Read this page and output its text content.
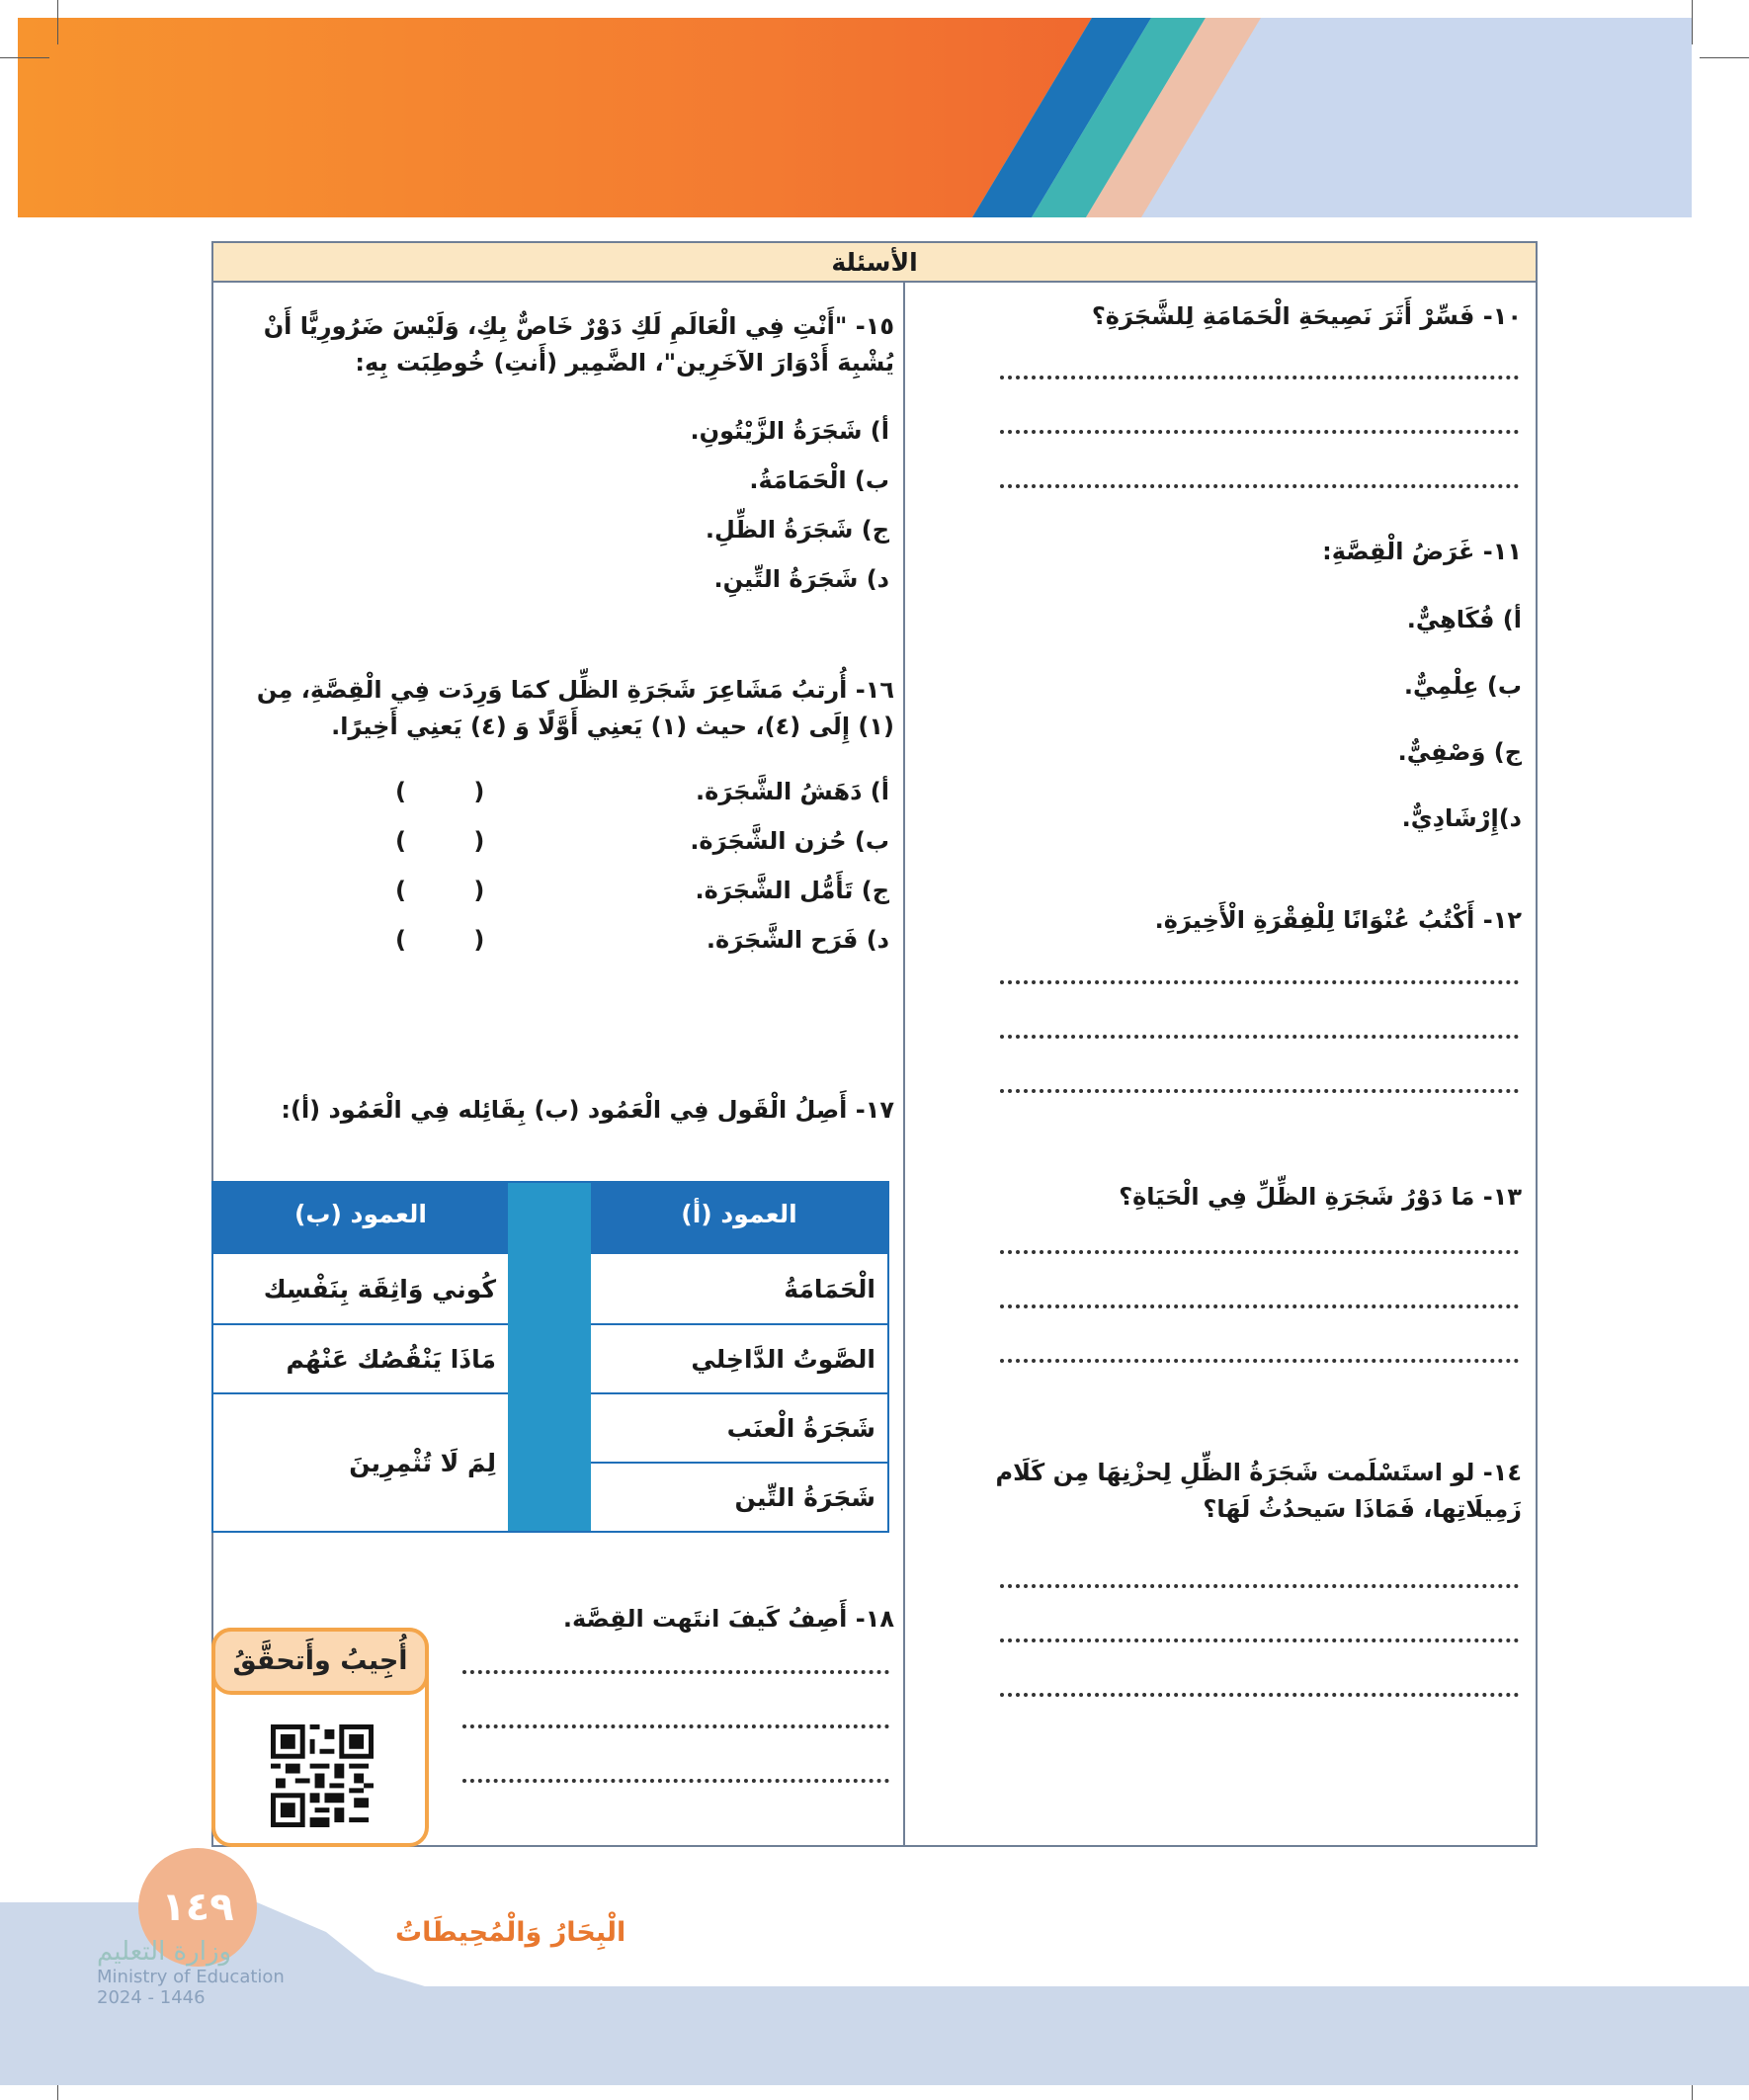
الأسئلة
١٠- فَسِّرْ أَثَرَ نَصِيحَةِ الْحَمَامَةِ لِلشَّجَرَةِ؟
١١- غَرَضُ الْقِصَّةِ:
أ) فُكَاهِيٌّ.
ب) عِلْمِيٌّ.
ج) وَصْفِيٌّ.
د)إِرْشَادِيٌّ.
١٢- أَكْتُبُ عُنْوَانًا لِلْفِقْرَةِ الْأَخِيرَةِ.
١٣- مَا دَوْرُ شَجَرَةِ الظِّلِّ فِي الْحَيَاةِ؟
١٤- لو استَسْلَمت شَجَرَةُ الظِّلِ لِحزْنِهَا مِن كَلَام زَمِيلَاتِها، فَمَاذَا سَيحدُثُ لَهَا؟
١٥- "أَنْتِ فِي الْعَالَمِ لَكِ دَوْرٌ خَاصٌّ بِكِ، وَلَيْسَ ضَرُورِيًّا أَنْ يُشْبِهَ أَدْوَارَ الآخَرِين"، الضَّمِير (أَنتِ) خُوطِبَت بِهِ:
أ) شَجَرَةُ الزَّيْتُونِ.
ب) الْحَمَامَةُ.
ج) شَجَرَةُ الظِّلِ.
د) شَجَرَةُ التِّينِ.
١٦- أُرتبُ مَشَاعِرَ شَجَرَةِ الظِّل كمَا وَرِدَت فِي الْقِصَّةِ، مِن (١) إِلَى (٤)، حيث (١) يَعنِي أَوَّلًا وَ (٤) يَعنِي أَخِيرًا.
أ) دَهَشُ الشَّجَرَة.
ب) حُزن الشَّجَرَة.
ج) تَأَمُّل الشَّجَرَة.
د) فَرَح الشَّجَرَة.
( )
( )
( )
( )
١٧- أَصِلُ الْقَول فِي الْعَمُود (ب) بِقَائِله فِي الْعَمُود (أ):
العمود (أ)
الْحَمَامَةُ
الصَّوتُ الدَّاخِلي
شَجَرَةُ الْعنَب
شَجَرَةُ التِّين
العمود (ب)
كُوني وَاثِقَة بِنَفْسِك
مَاذَا يَنْقُصُك عَنْهُم
لِمَ لَا تُثْمِرِينَ
١٨- أَصِفُ كَيفَ انتَهت القِصَّة.
أُجِيبُ وأَتحقَّقُ
١٤٩
الْبِحَارُ وَالْمُحِيطَاتُ
وزارة التعليم
Ministry of Education
2024 - 1446
